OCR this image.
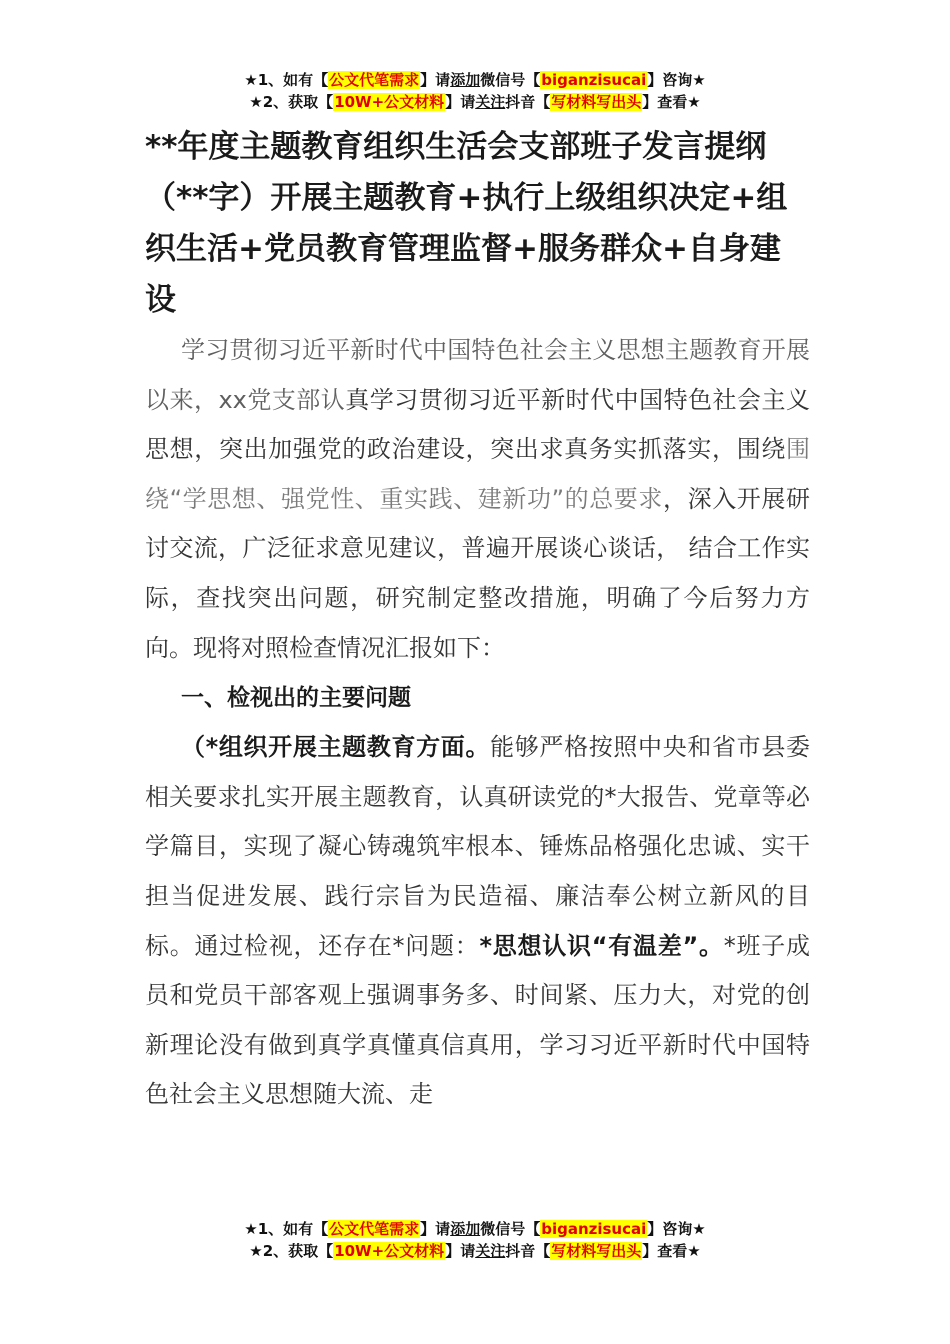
★1、如有【公文代笔需求】请添加微信号【biganzisucai】咨询★
★2、获取【10W+公文材料】请关注抖音【写材料写出头】查看★
**年度主题教育组织生活会支部班子发言提纲（**字）开展主题教育+执行上级组织决定+组织生活+党员教育管理监督+服务群众+自身建设

学习贯彻习近平新时代中国特色社会主义思想主题教育开展以来，xx党支部认真学习贯彻习近平新时代中国特色社会主义思想，突出加强党的政治建设，突出求真务实抓落实，围绕围绕“学思想、强党性、重实践、建新功”的总要求，深入开展研讨交流，广泛征求意见建议，普遍开展谈心谈话， 结合工作实际，查找突出问题，研究制定整改措施，明确了今后努力方向。现将对照检查情况汇报如下：

一、检视出的主要问题

（*组织开展主题教育方面。能够严格按照中央和省市县委相关要求扎实开展主题教育，认真研读党的*大报告、党章等必学篇目，实现了凝心铸魂筑牢根本、锤炼品格强化忠诚、实干担当促进发展、践行宗旨为民造福、廉洁奉公树立新风的目标。通过检视，还存在*问题：*思想认识“有温差”。*班子成员和党员干部客观上强调事务多、时间紧、压力大，对党的创新理论没有做到真学真懂真信真用，学习习近平新时代中国特色社会主义思想随大流、走

★1、如有【公文代笔需求】请添加微信号【biganzisucai】咨询★
★2、获取【10W+公文材料】请关注抖音【写材料写出头】查看★
